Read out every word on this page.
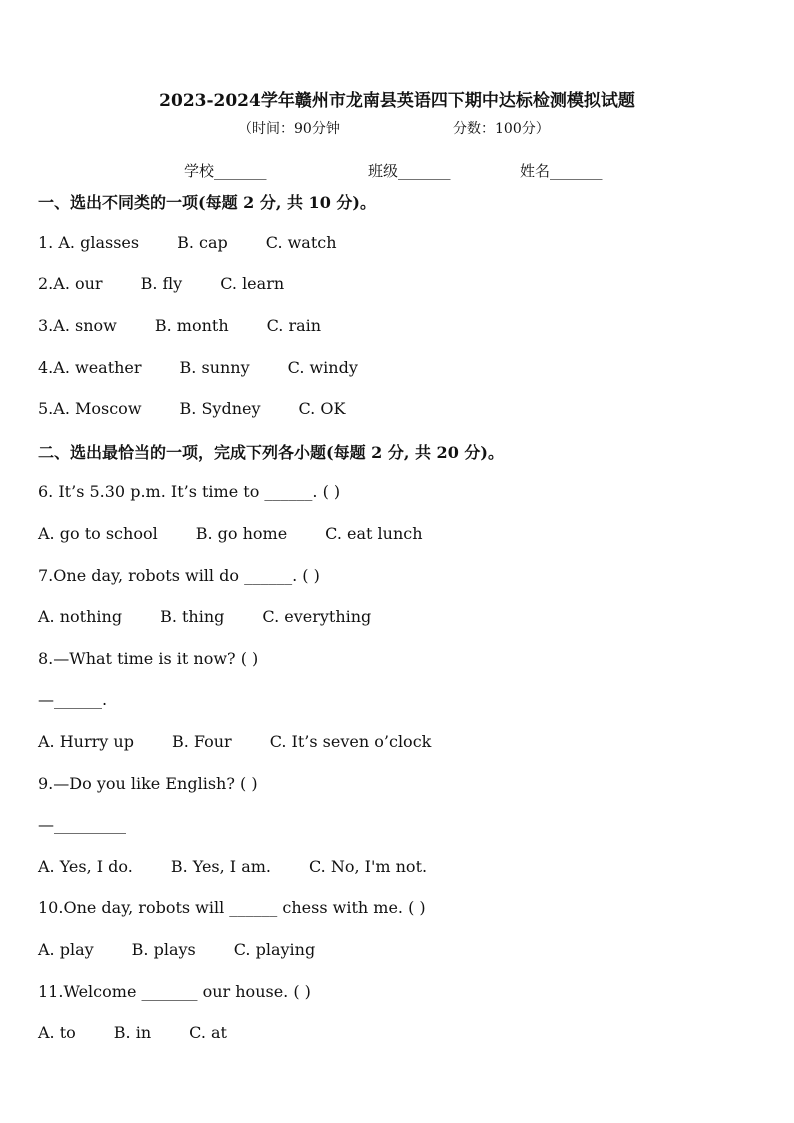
2023-2024学年赣州市龙南县英语四下期中达标检测模拟试题
（时间：90分钟	分数：100分）
学校_______	班级_______	姓名_______
一、选出不同类的一项(每题 2 分, 共 10 分)。
1. A. glasses B. cap C. watch
2.A. our B. fly C. learn
3.A. snow B. month C. rain
4.A. weather B. sunny C. windy
5.A. Moscow B. Sydney C. OK
二、选出最恰当的一项，完成下列各小题(每题 2 分, 共 20 分)。
6. It’s 5.30 p.m. It’s time to ______. ( )
A. go to school B. go home C. eat lunch
7.One day, robots will do ______. ( )
A. nothing B. thing C. everything
8.—What time is it now? ( )
—______.
A. Hurry up B. Four C. It’s seven o’clock
9.—Do you like English? ( )
—_________
A. Yes, I do. B. Yes, I am. C. No, I'm not.
10.One day, robots will ______ chess with me. ( )
A. play B. plays C. playing
11.Welcome _______ our house. ( )
A. to B. in C. at
